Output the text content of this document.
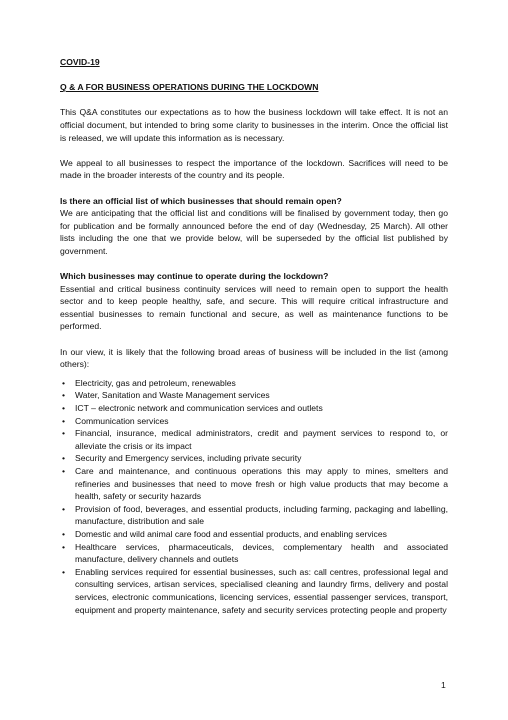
COVID-19

Q & A FOR BUSINESS OPERATIONS DURING THE LOCKDOWN

This Q&A constitutes our expectations as to how the business lockdown will take effect. It is not an official document, but intended to bring some clarity to businesses in the interim. Once the official list is released, we will update this information as is necessary.

We appeal to all businesses to respect the importance of the lockdown. Sacrifices will need to be made in the broader interests of the country and its people.

Is there an official list of which businesses that should remain open?

We are anticipating that the official list and conditions will be finalised by government today, then go for publication and be formally announced before the end of day (Wednesday, 25 March). All other lists including the one that we provide below, will be superseded by the official list published by government.

Which businesses may continue to operate during the lockdown?

Essential and critical business continuity services will need to remain open to support the health sector and to keep people healthy, safe, and secure. This will require critical infrastructure and essential businesses to remain functional and secure, as well as maintenance functions to be performed.

In our view, it is likely that the following broad areas of business will be included in the list (among others):

• Electricity, gas and petroleum, renewables
• Water, Sanitation and Waste Management services
• ICT – electronic network and communication services and outlets
• Communication services
• Financial, insurance, medical administrators, credit and payment services to respond to, or alleviate the crisis or its impact
• Security and Emergency services, including private security
• Care and maintenance, and continuous operations this may apply to mines, smelters and refineries and businesses that need to move fresh or high value products that may become a health, safety or security hazards
• Provision of food, beverages, and essential products, including farming, packaging and labelling, manufacture, distribution and sale
• Domestic and wild animal care food and essential products, and enabling services
• Healthcare services, pharmaceuticals, devices, complementary health and associated manufacture, delivery channels and outlets
• Enabling services required for essential businesses, such as: call centres, professional legal and consulting services, artisan services, specialised cleaning and laundry firms, delivery and postal services, electronic communications, licencing services, essential passenger services, transport, equipment and property maintenance, safety and security services protecting people and property
1
